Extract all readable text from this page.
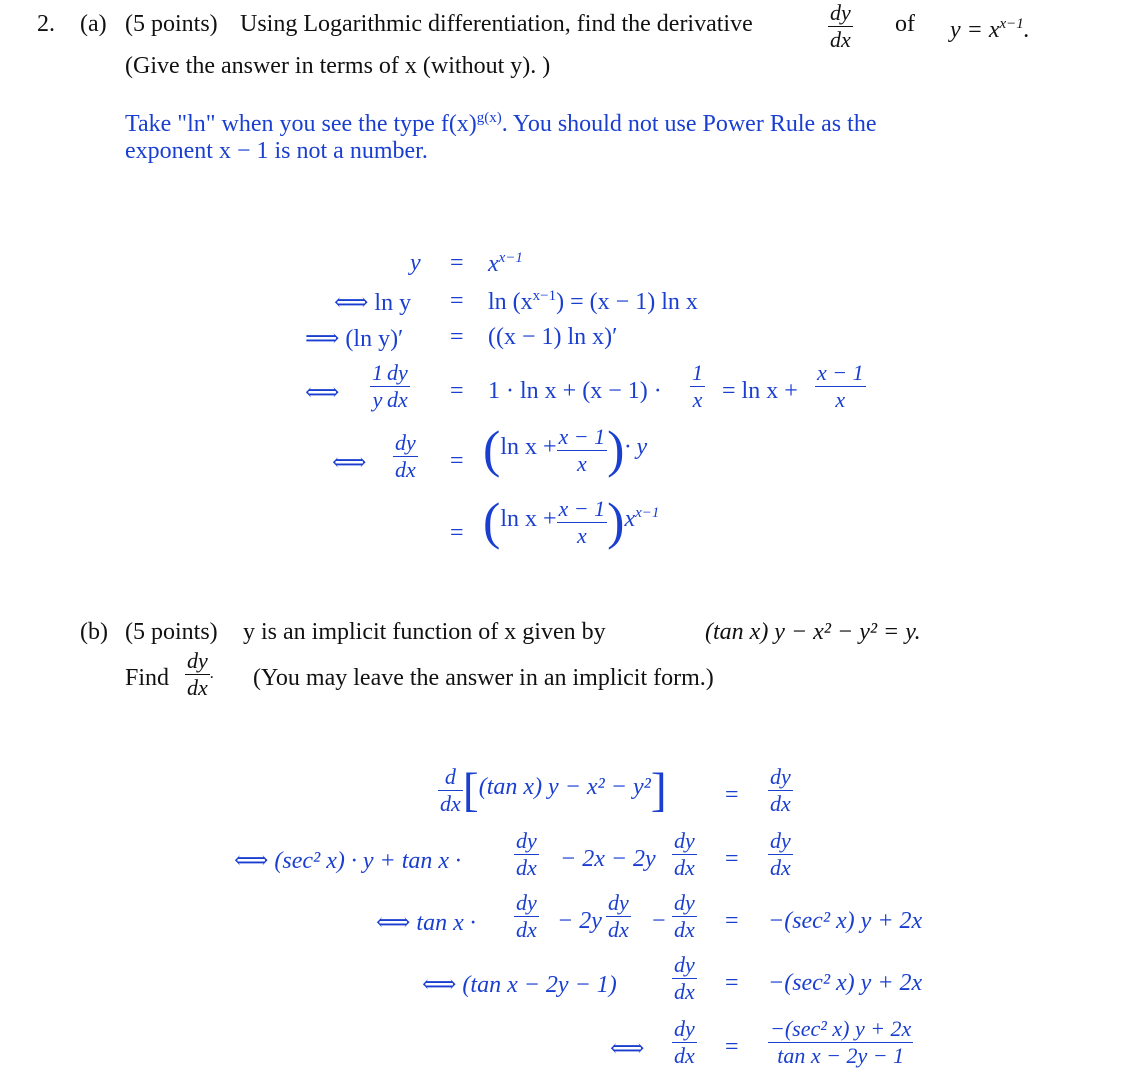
2. (a) (5 points) Using Logarithmic differentiation, find the derivative	$\frac{dy}{dx}$ of $y = x^{x-1}$.
(Give the answer in terms of x (without y). )
Take "ln" when you see the type $f(x)^{g(x)}$. You should not use Power Rule as the
exponent x − 1 is not a number.
$y = x^{x-1}$
⟺ $\ln y = \ln (x^{x-1}) = (x - 1)$ ln x
⟹ (ln y)′ = ((x − 1) ln x)′
⟺ $\frac{1}{y} \frac{dy}{dx} = 1 \cdot \ln x + (x - 1) \cdot \frac{1}{x} = \ln x + \frac{x - 1}{x}$
⟺ $\frac{dy}{dx} = (\ln$ $x + \frac{x - 1}{x}$ )· y
= (ln $x + \frac{x - 1}{x} )x^{x-1}$
(b) (5 points) y is an implicit function of x given by	(tan x) y − x² − y² = y.
Find $\frac{dy}{dx}$ . (You may leave the answer in an implicit form.)
$\frac{d}{dx} [(\tan$ x) $y - x^2 - y^2] = \frac{dy}{dx}$
⟺ (sec² $x) \cdot y + \tan x \cdot \frac{dy}{dx} - 2x - 2y \frac{dy}{dx} = \frac{dy}{dx}$
⟺ $\tan x \cdot \frac{dy}{dx} - 2y \frac{dy}{dx} - \frac{dy}{dx} = -(\sec^2$ x) y + 2x
⟺ (tan x − 2y − 1)	$\frac{dy}{dx} = -(\sec^2$ x) y + 2x
⟺ $\frac{dy}{dx} = \frac{\text{−(sec² x) y + 2x}}{\text{tan x − 2y − 1}}$
